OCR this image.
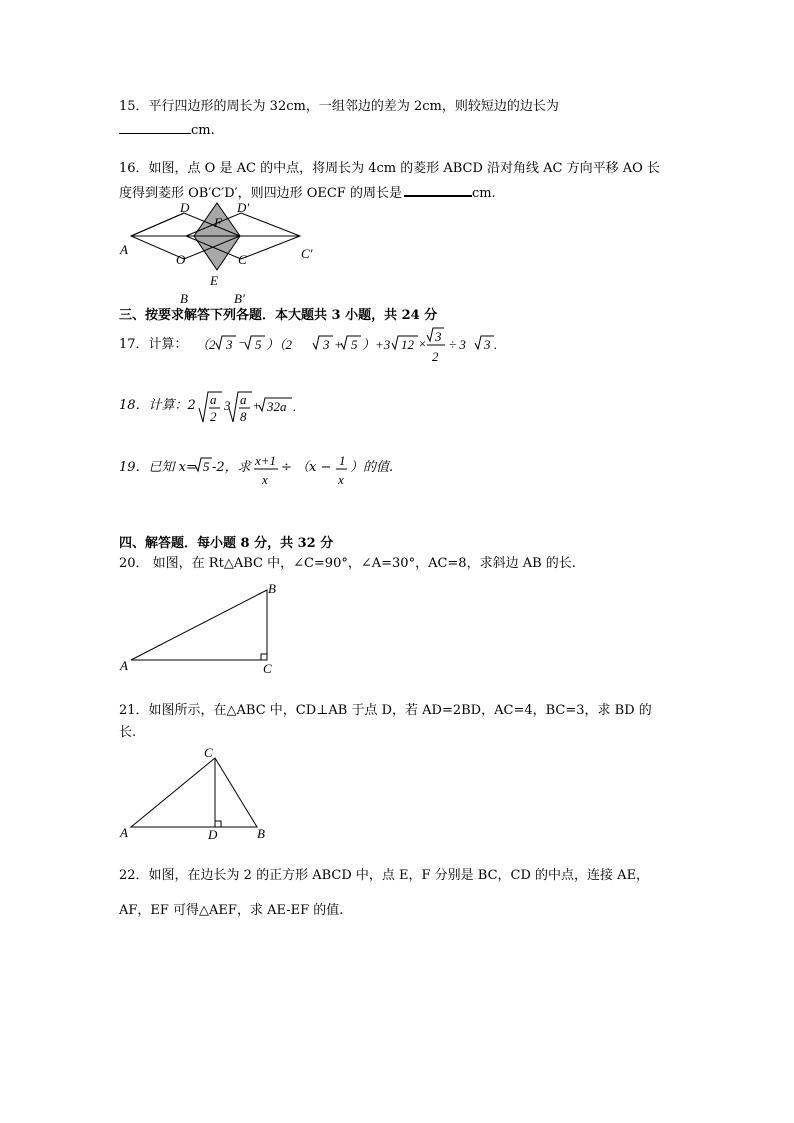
15．平行四边形的周长为 32cm，一组邻边的差为 2cm，则较短边的边长为
cm.
16．如图，点 O 是 AC 的中点，将周长为 4cm 的菱形 ABCD 沿对角线 AC 方向平移 AO 长
度得到菱形 OB′C′D′，则四边形 OECF 的周长是	cm.
A
B
C
D
O
E
F
B′
C′
D′
三、按要求解答下列各题．本大题共 3 小题，共 24 分
17．计算： （2 3 − 5 ）（2 3 + 5 ）+3 12 × 3
2
÷ 3 3 .
18．计算：2 a
2
3 a
8
+ 32a .
19．已知 x= 5 -2，求 x+1
x
÷ （x − 1
x
）的值.
四、解答题．每小题 8 分，共 32 分
20． 如图，在 Rt△ABC 中，∠C=90°，∠A=30°，AC=8，求斜边 AB 的长.
A
B
C
21．如图所示，在△ABC 中，CD⊥AB 于点 D，若 AD=2BD，AC=4，BC=3，求 BD 的
长.
A	B
C
D
22．如图，在边长为 2 的正方形 ABCD 中，点 E，F 分别是 BC，CD 的中点，连接 AE，
AF，EF 可得△AEF，求 AE-EF 的值.
